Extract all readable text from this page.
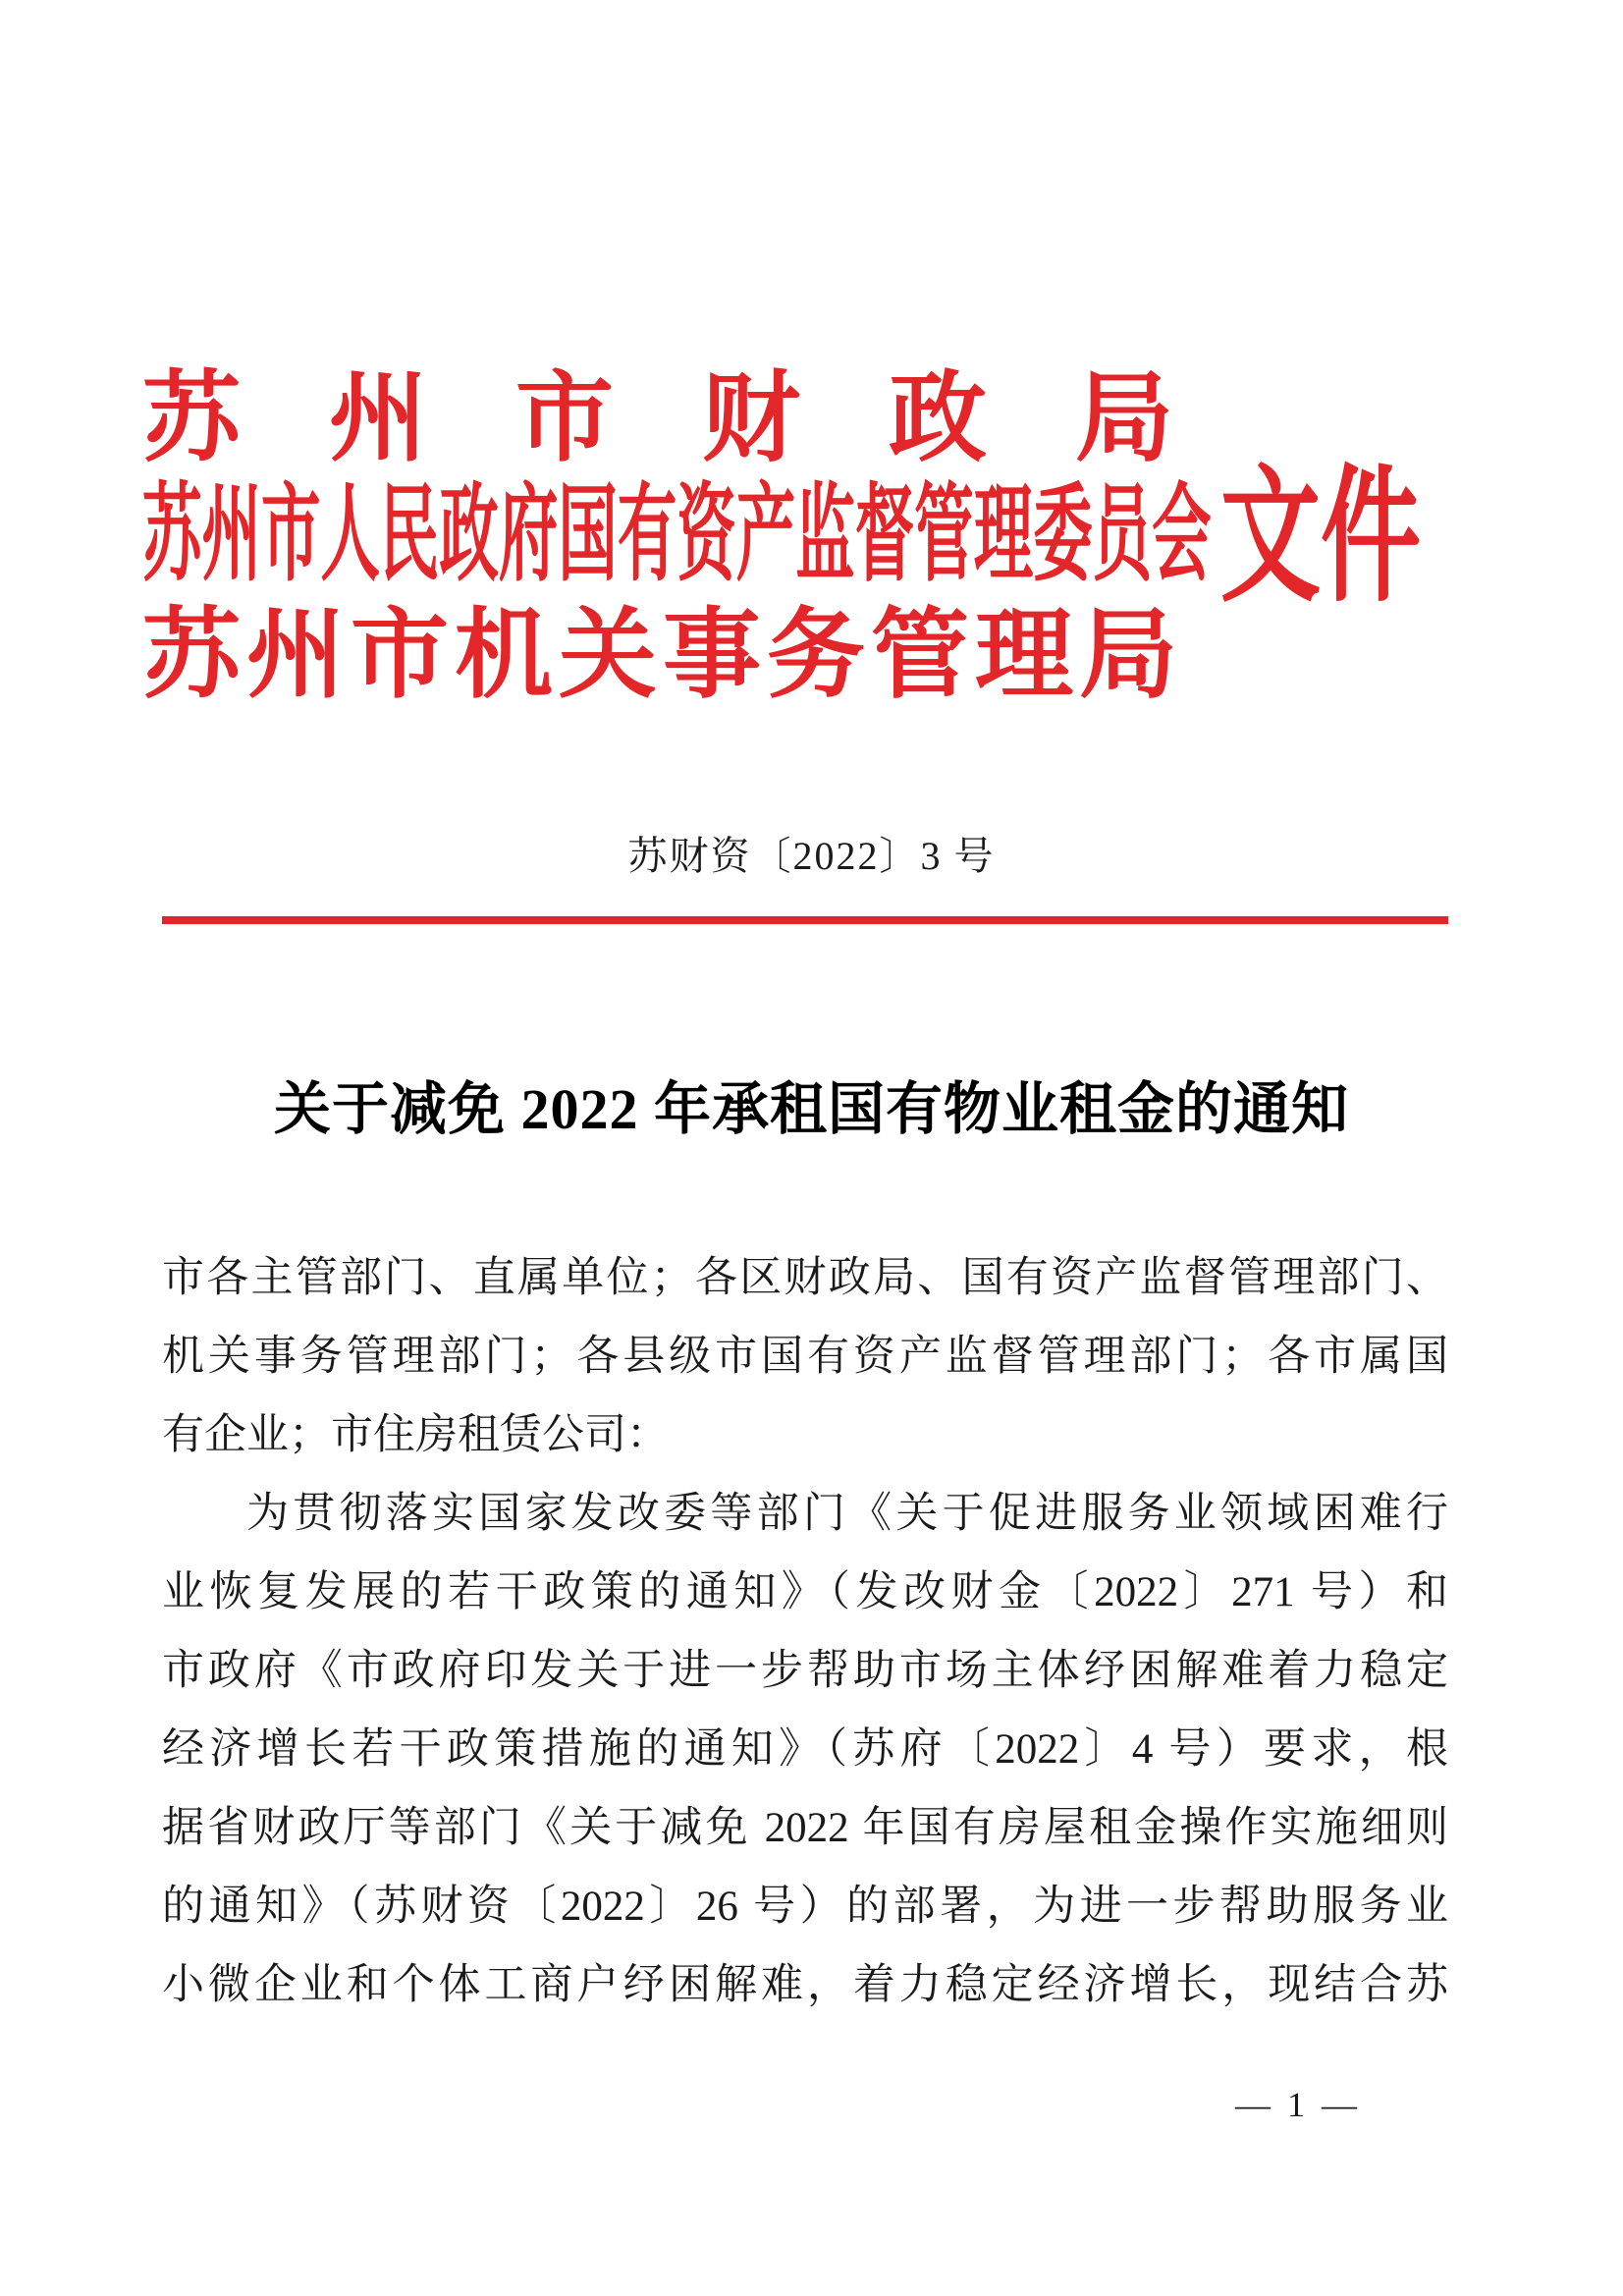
苏州市财政局
苏州市人民政府国有资产监督管理委员会 文件
苏州市机关事务管理局
苏财资〔2022〕3 号
关于减免 2022 年承租国有物业租金的通知
市各主管部门、直属单位；各区财政局、国有资产监督管理部门、
机关事务管理部门；各县级市国有资产监督管理部门；各市属国
有企业；市住房租赁公司：
为贯彻落实国家发改委等部门《关于促进服务业领域困难行
业恢复发展的若干政策的通知》（发改财金〔2022〕271 号）和
市政府《市政府印发关于进一步帮助市场主体纾困解难着力稳定
经济增长若干政策措施的通知》（苏府〔2022〕4 号）要求，根
据省财政厅等部门《关于减免 2022 年国有房屋租金操作实施细则
的通知》（苏财资〔2022〕26 号）的部署，为进一步帮助服务业
小微企业和个体工商户纾困解难，着力稳定经济增长，现结合苏
— 1 —
